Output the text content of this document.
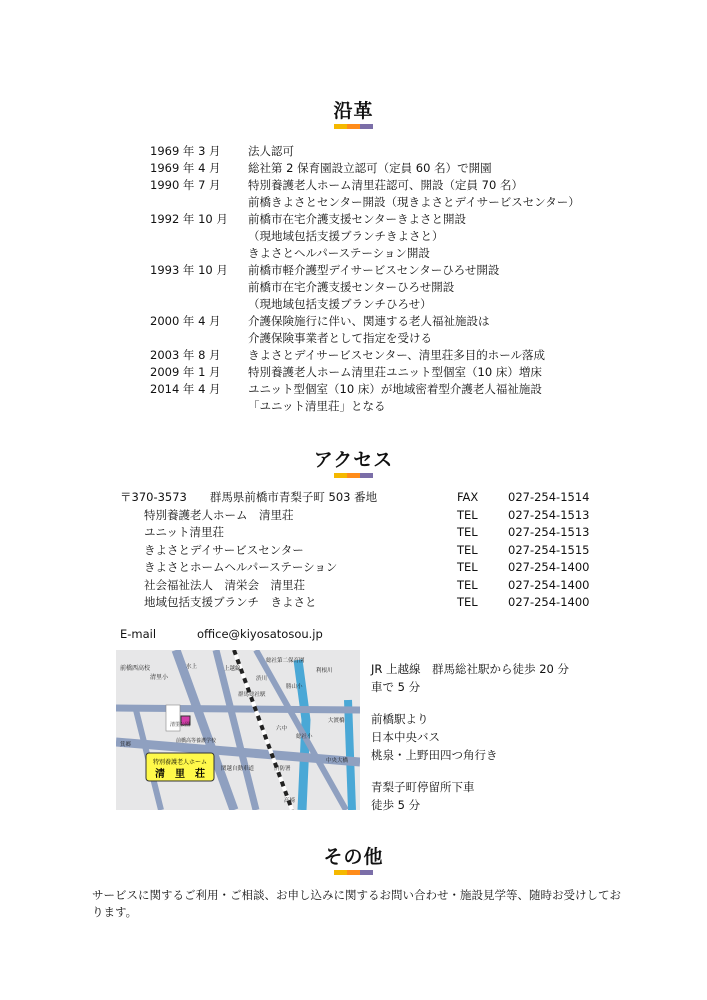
沿革
1969 年 3 月	法人認可
1969 年 4 月	総社第 2 保育園設立認可（定員 60 名）で開園
1990 年 7 月	特別養護老人ホーム清里荘認可、開設（定員 70 名）
前橋きよさとセンター開設（現きよさとデイサービスセンター）
1992 年 10 月	前橋市在宅介護支援センターきよさと開設
（現地域包括支援ブランチきよさと）
きよさとヘルパーステーション開設
1993 年 10 月	前橋市軽介護型デイサービスセンターひろせ開設
前橋市在宅介護支援センターひろせ開設
（現地域包括支援ブランチひろせ）
2000 年 4 月	介護保険施行に伴い、関連する老人福祉施設は
介護保険事業者として指定を受ける
2003 年 8 月	きよさとデイサービスセンター、清里荘多目的ホール落成
2009 年 1 月	特別養護老人ホーム清里荘ユニット型個室（10 床）増床
2014 年 4 月	ユニット型個室（10 床）が地域密着型介護老人福祉施設
「ユニット清里荘」となる
アクセス
〒370-3573　　群馬県前橋市青梨子町 503 番地	FAX	027-254-1514
特別養護老人ホーム　清里荘	TEL	027-254-1513
ユニット清里荘	TEL	027-254-1513
きよさとデイサービスセンター	TEL	027-254-1515
きよさとホームヘルパーステーション	TEL	027-254-1400
社会福祉法人　清栄会　清里荘	TEL	027-254-1400
地域包括支援ブランチ　きよさと	TEL	027-254-1400
E-mail	office@kiyosatosou.jp
特別養護老人ホーム
清　里　荘
前橋西高校
清里小
清里公園
前橋高等養護学校
群馬総社駅
上越線
総社第二保育園
勝山小
利根川
大渡橋
総社小
六中
中央大橋
消防署
高崎
水上
関越自動車道
渋川
箕郷
JR 上越線　群馬総社駅から徒歩 20 分
車で 5 分
前橋駅より
日本中央バス
桃泉・上野田四つ角行き
青梨子町停留所下車
徒歩 5 分
その他
サービスに関するご利用・ご相談、お申し込みに関するお問い合わせ・施設見学等、随時お受けしております。
